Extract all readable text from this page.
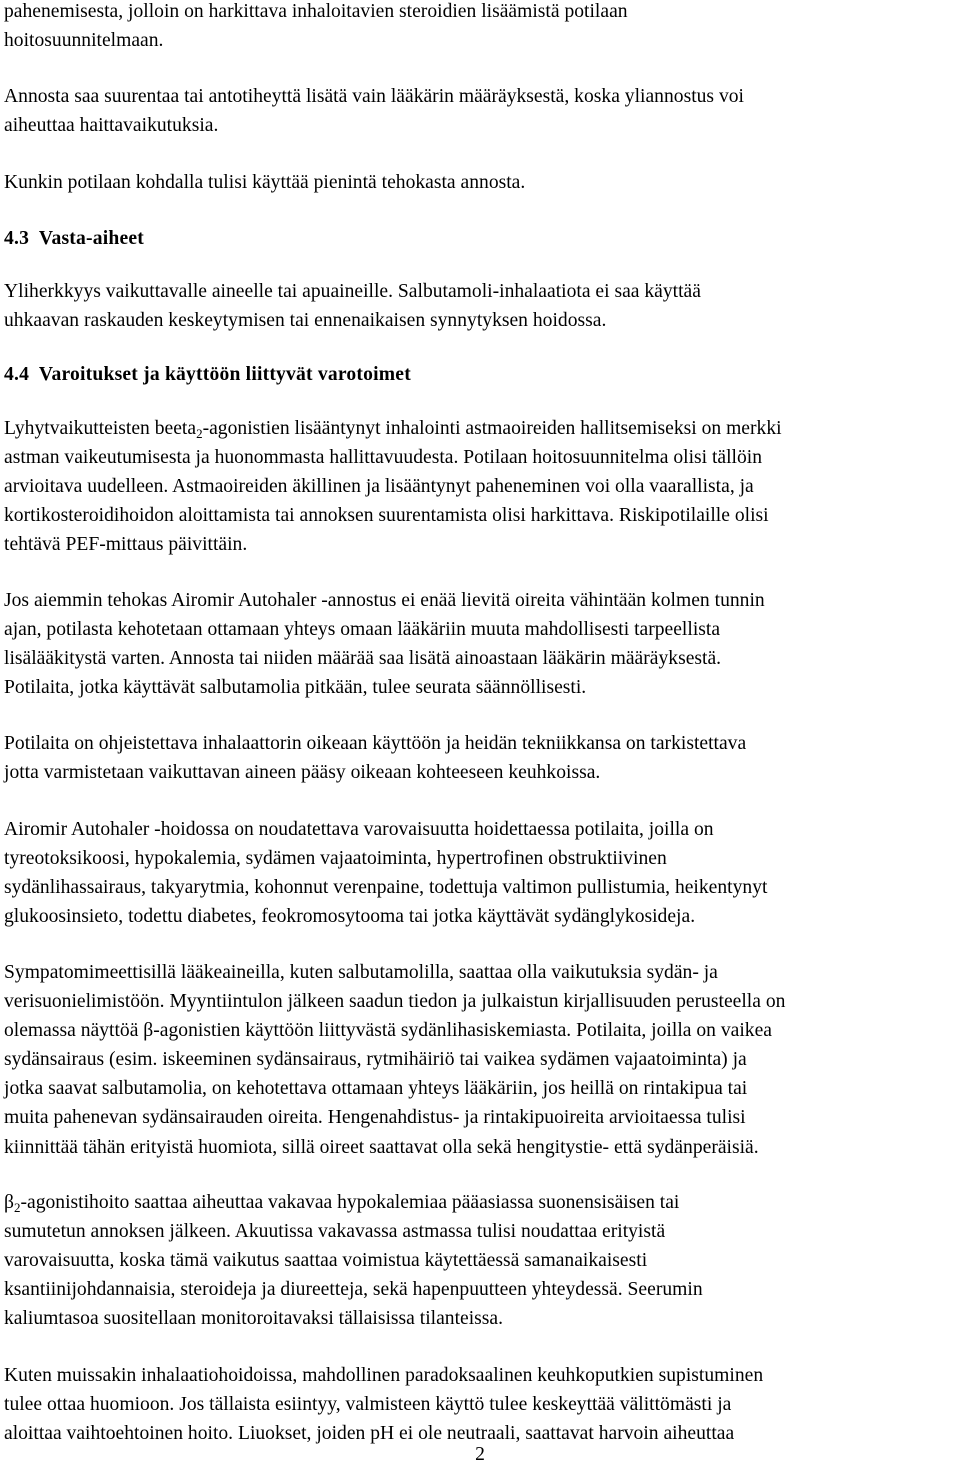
pahenemisesta, jolloin on harkittava inhaloitavien steroidien lisäämistä potilaan
hoitosuunnitelmaan.
Annosta saa suurentaa tai antotiheyttä lisätä vain lääkärin määräyksestä, koska yliannostus voi
aiheuttaa haittavaikutuksia.
Kunkin potilaan kohdalla tulisi käyttää pienintä tehokasta annosta.
4.3  Vasta-aiheet
Yliherkkyys vaikuttavalle aineelle tai apuaineille. Salbutamoli-inhalaatiota ei saa käyttää
uhkaavan raskauden keskeytymisen tai ennenaikaisen synnytyksen hoidossa.
4.4  Varoitukset ja käyttöön liittyvät varotoimet
Lyhytvaikutteisten beeta$_2$-agonistien lisääntynyt inhalointi astmaoireiden hallitsemiseksi on merkki
astman vaikeutumisesta ja huonommasta hallittavuudesta. Potilaan hoitosuunnitelma olisi tällöin
arvioitava uudelleen. Astmaoireiden äkillinen ja lisääntynyt paheneminen voi olla vaarallista, ja
kortikosteroidihoidon aloittamista tai annoksen suurentamista olisi harkittava. Riskipotilaille olisi
tehtävä PEF-mittaus päivittäin.
Jos aiemmin tehokas Airomir Autohaler -annostus ei enää lievitä oireita vähintään kolmen tunnin
ajan, potilasta kehotetaan ottamaan yhteys omaan lääkäriin muuta mahdollisesti tarpeellista
lisälääkitystä varten. Annosta tai niiden määrää saa lisätä ainoastaan lääkärin määräyksestä.
Potilaita, jotka käyttävät salbutamolia pitkään, tulee seurata säännöllisesti.
Potilaita on ohjeistettava inhalaattorin oikeaan käyttöön ja heidän tekniikkansa on tarkistettava
jotta varmistetaan vaikuttavan aineen pääsy oikeaan kohteeseen keuhkoissa.
Airomir Autohaler -hoidossa on noudatettava varovaisuutta hoidettaessa potilaita, joilla on
tyreotoksikoosi, hypokalemia, sydämen vajaatoiminta, hypertrofinen obstruktiivinen
sydänlihassairaus, takyarytmia, kohonnut verenpaine, todettuja valtimon pullistumia, heikentynyt
glukoosinsieto, todettu diabetes, feokromosytooma tai jotka käyttävät sydänglykosideja.
Sympatomimeettisillä lääkeaineilla, kuten salbutamolilla, saattaa olla vaikutuksia sydän- ja
verisuonielimistöön. Myyntiintulon jälkeen saadun tiedon ja julkaistun kirjallisuuden perusteella on
olemassa näyttöä β-agonistien käyttöön liittyvästä sydänlihasiskemiasta. Potilaita, joilla on vaikea
sydänsairaus (esim. iskeeminen sydänsairaus, rytmihäiriö tai vaikea sydämen vajaatoiminta) ja
jotka saavat salbutamolia, on kehotettava ottamaan yhteys lääkäriin, jos heillä on rintakipua tai
muita pahenevan sydänsairauden oireita. Hengenahdistus- ja rintakipuoireita arvioitaessa tulisi
kiinnittää tähän erityistä huomiota, sillä oireet saattavat olla sekä hengitystie- että sydänperäisiä.
$\beta_2$-agonistihoito saattaa aiheuttaa vakavaa hypokalemiaa pääasiassa suonensisäisen tai
sumutetun annoksen jälkeen. Akuutissa vakavassa astmassa tulisi noudattaa erityistä
varovaisuutta, koska tämä vaikutus saattaa voimistua käytettäessä samanaikaisesti
ksantiinijohdannaisia, steroideja ja diureetteja, sekä hapenpuutteen yhteydessä. Seerumin
kaliumtasoa suositellaan monitoroitavaksi tällaisissa tilanteissa.
Kuten muissakin inhalaatiohoidoissa, mahdollinen paradoksaalinen keuhkoputkien supistuminen
tulee ottaa huomioon. Jos tällaista esiintyy, valmisteen käyttö tulee keskeyttää välittömästi ja
aloittaa vaihtoehtoinen hoito. Liuokset, joiden pH ei ole neutraali, saattavat harvoin aiheuttaa
2
